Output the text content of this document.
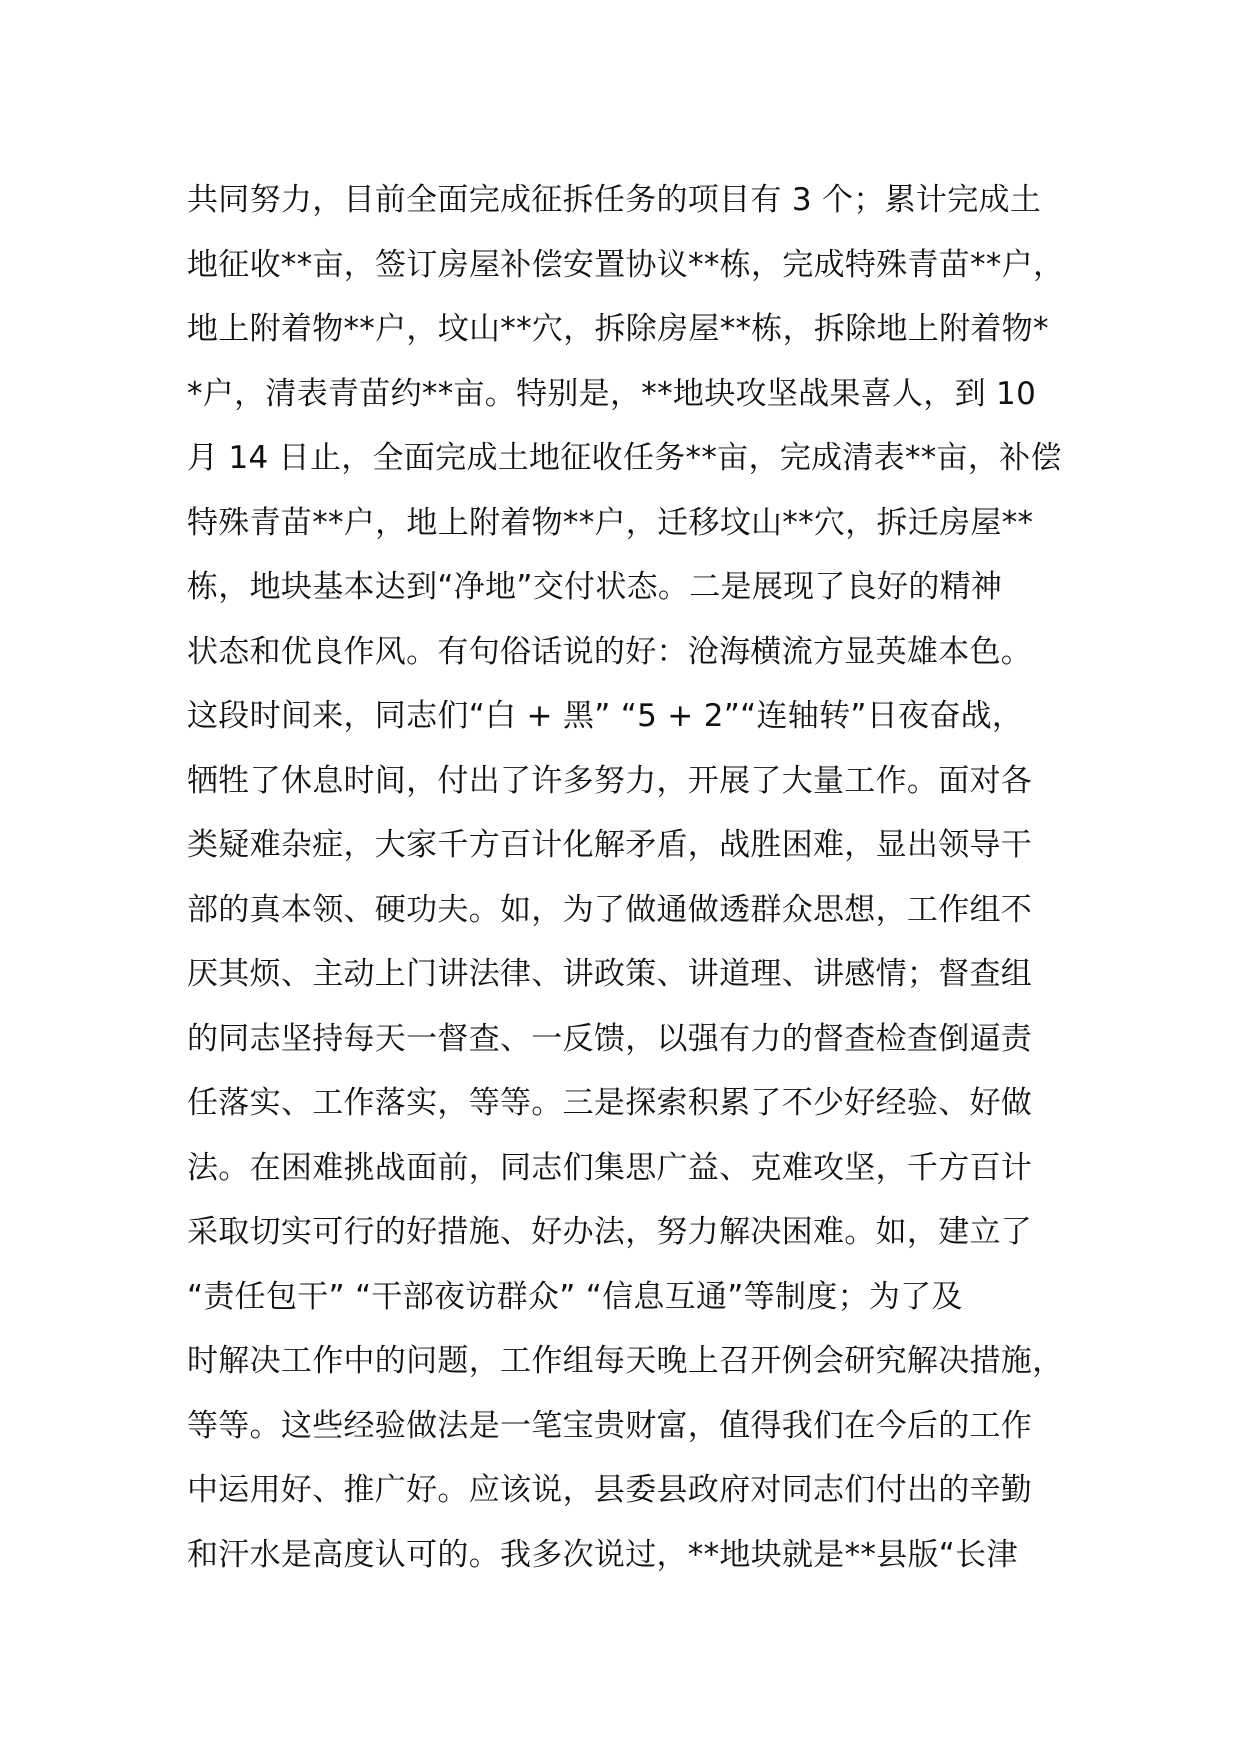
共同努力，目前全面完成征拆任务的项目有 3 个；累计完成土
地征收**亩，签订房屋补偿安置协议**栋，完成特殊青苗**户，
地上附着物**户，坟山**穴，拆除房屋**栋，拆除地上附着物*
*户，清表青苗约**亩。特别是，**地块攻坚战果喜人，到 10
月 14 日止，全面完成土地征收任务**亩，完成清表**亩，补偿
特殊青苗**户，地上附着物**户，迁移坟山**穴，拆迁房屋**
栋，地块基本达到“净地”交付状态。二是展现了良好的精神
状态和优良作风。有句俗话说的好：沧海横流方显英雄本色。
这段时间来，同志们“白 + 黑” “5 + 2”“连轴转”日夜奋战，
牺牲了休息时间，付出了许多努力，开展了大量工作。面对各
类疑难杂症，大家千方百计化解矛盾，战胜困难，显出领导干
部的真本领、硬功夫。如，为了做通做透群众思想，工作组不
厌其烦、主动上门讲法律、讲政策、讲道理、讲感情；督查组
的同志坚持每天一督查、一反馈，以强有力的督查检查倒逼责
任落实、工作落实，等等。三是探索积累了不少好经验、好做
法。在困难挑战面前，同志们集思广益、克难攻坚，千方百计
采取切实可行的好措施、好办法，努力解决困难。如，建立了
“责任包干” “干部夜访群众” “信息互通”等制度；为了及
时解决工作中的问题，工作组每天晚上召开例会研究解决措施，
等等。这些经验做法是一笔宝贵财富，值得我们在今后的工作
中运用好、推广好。应该说，县委县政府对同志们付出的辛勤
和汗水是高度认可的。我多次说过，**地块就是**县版“长津
